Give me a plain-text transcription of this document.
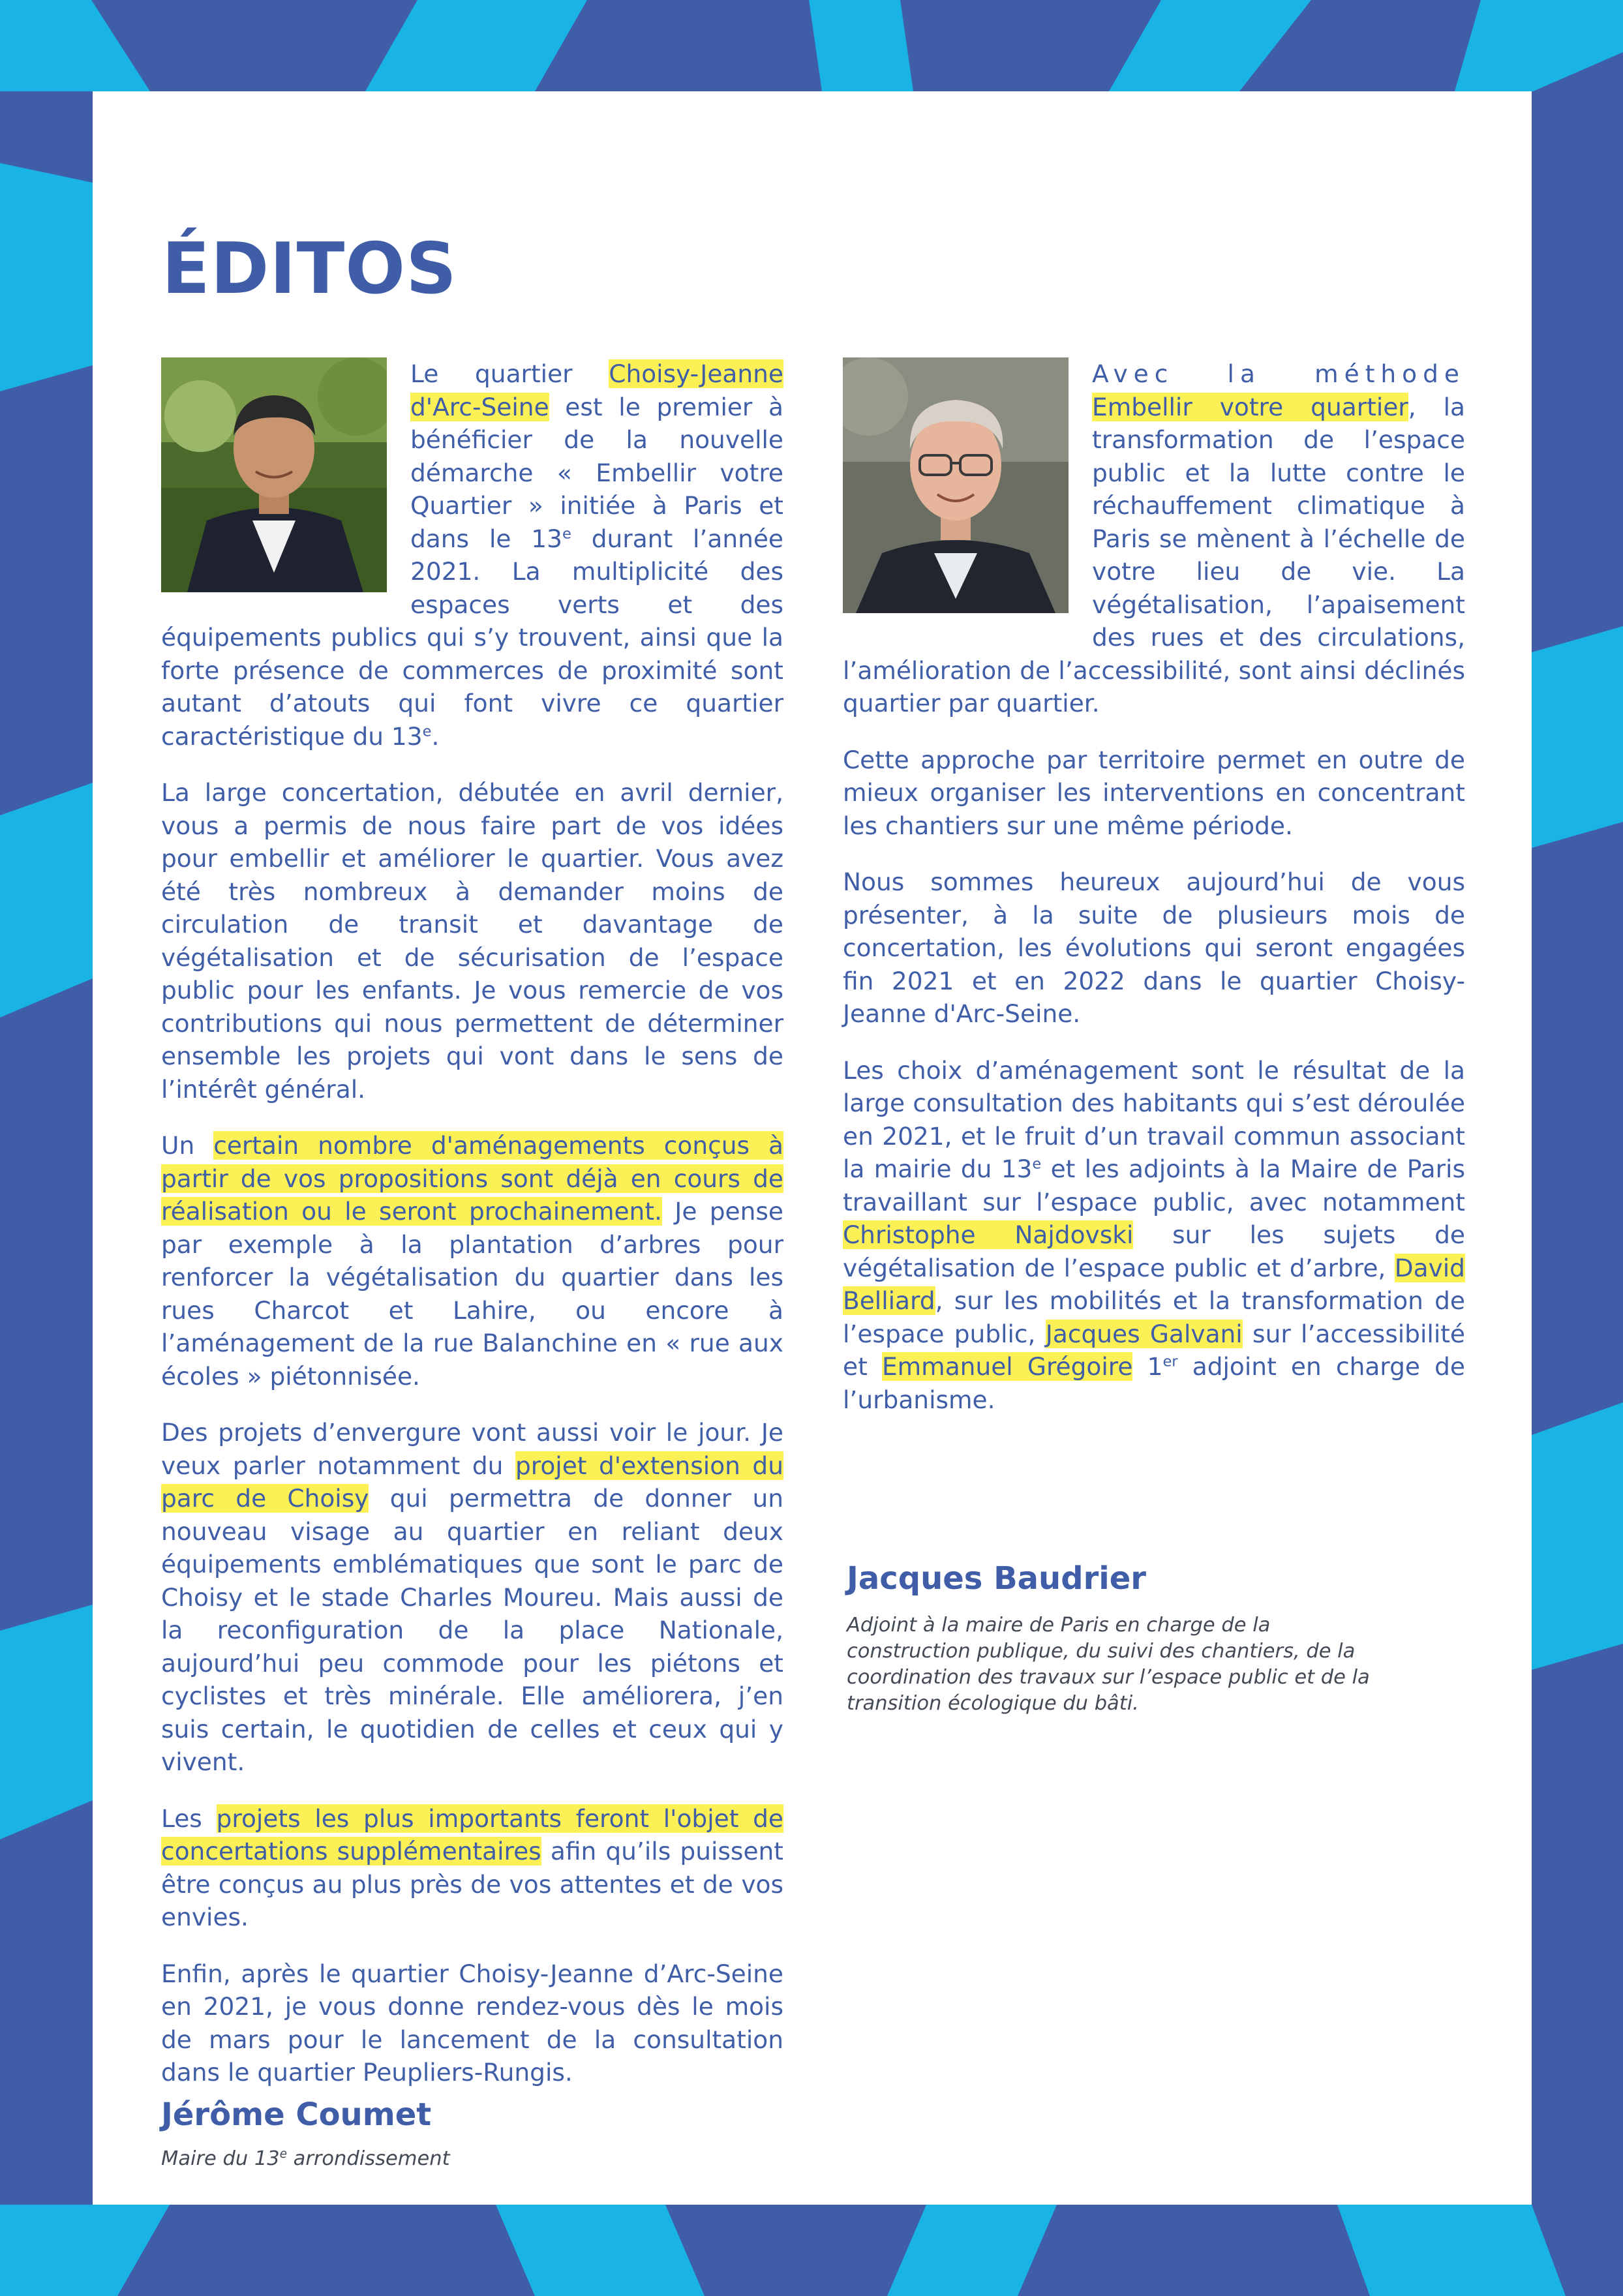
ÉDITOS

Le quartier Choisy-Jeanne d'Arc-Seine est le premier à bénéficier de la nouvelle démarche « Embellir votre Quartier » initiée à Paris et dans le 13e durant l’année 2021. La multiplicité des espaces verts et des équipements publics qui s’y trouvent, ainsi que la forte présence de commerces de proximité sont autant d’atouts qui font vivre ce quartier caractéristique du 13e.

La large concertation, débutée en avril dernier, vous a permis de nous faire part de vos idées pour embellir et améliorer le quartier. Vous avez été très nombreux à demander moins de circulation de transit et davantage de végétalisation et de sécurisation de l’espace public pour les enfants. Je vous remercie de vos contributions qui nous permettent de déterminer ensemble les projets qui vont dans le sens de l’intérêt général.

Un certain nombre d'aménagements conçus à partir de vos propositions sont déjà en cours de réalisation ou le seront prochainement. Je pense par exemple à la plantation d’arbres pour renforcer la végétalisation du quartier dans les rues Charcot et Lahire, ou encore à l’aménagement de la rue Balanchine en « rue aux écoles » piétonnisée.

Des projets d’envergure vont aussi voir le jour. Je veux parler notamment du projet d'extension du parc de Choisy qui permettra de donner un nouveau visage au quartier en reliant deux équipements emblématiques que sont le parc de Choisy et le stade Charles Moureu. Mais aussi de la reconfiguration de la place Nationale, aujourd’hui peu commode pour les piétons et cyclistes et très minérale. Elle améliorera, j’en suis certain, le quotidien de celles et ceux qui y vivent.

Les projets les plus importants feront l'objet de concertations supplémentaires afin qu’ils puissent être conçus au plus près de vos attentes et de vos envies.

Enfin, après le quartier Choisy-Jeanne d’Arc-Seine en 2021, je vous donne rendez-vous dès le mois de mars pour le lancement de la consultation dans le quartier Peupliers-Rungis.

Jérôme Coumet

Maire du 13e arrondissement

Avec la méthode Embellir votre quartier, la transformation de l’espace public et la lutte contre le réchauffement climatique à Paris se mènent à l’échelle de votre lieu de vie. La végétalisation, l’apaisement des rues et des circulations, l’amélioration de l’accessibilité, sont ainsi déclinés quartier par quartier.

Cette approche par territoire permet en outre de mieux organiser les interventions en concentrant les chantiers sur une même période.

Nous sommes heureux aujourd’hui de vous présenter, à la suite de plusieurs mois de concertation, les évolutions qui seront engagées fin 2021 et en 2022 dans le quartier Choisy-Jeanne d'Arc-Seine.

Les choix d’aménagement sont le résultat de la large consultation des habitants qui s’est déroulée en 2021, et le fruit d’un travail commun associant la mairie du 13e et les adjoints à la Maire de Paris travaillant sur l’espace public, avec notamment Christophe Najdovski sur les sujets de végétalisation de l’espace public et d’arbre, David Belliard, sur les mobilités et la transformation de l’espace public, Jacques Galvani sur l’accessibilité et Emmanuel Grégoire 1er adjoint en charge de l’urbanisme.

Jacques Baudrier

Adjoint à la maire de Paris en charge de la construction publique, du suivi des chantiers, de la coordination des travaux sur l’espace public et de la transition écologique du bâti.
